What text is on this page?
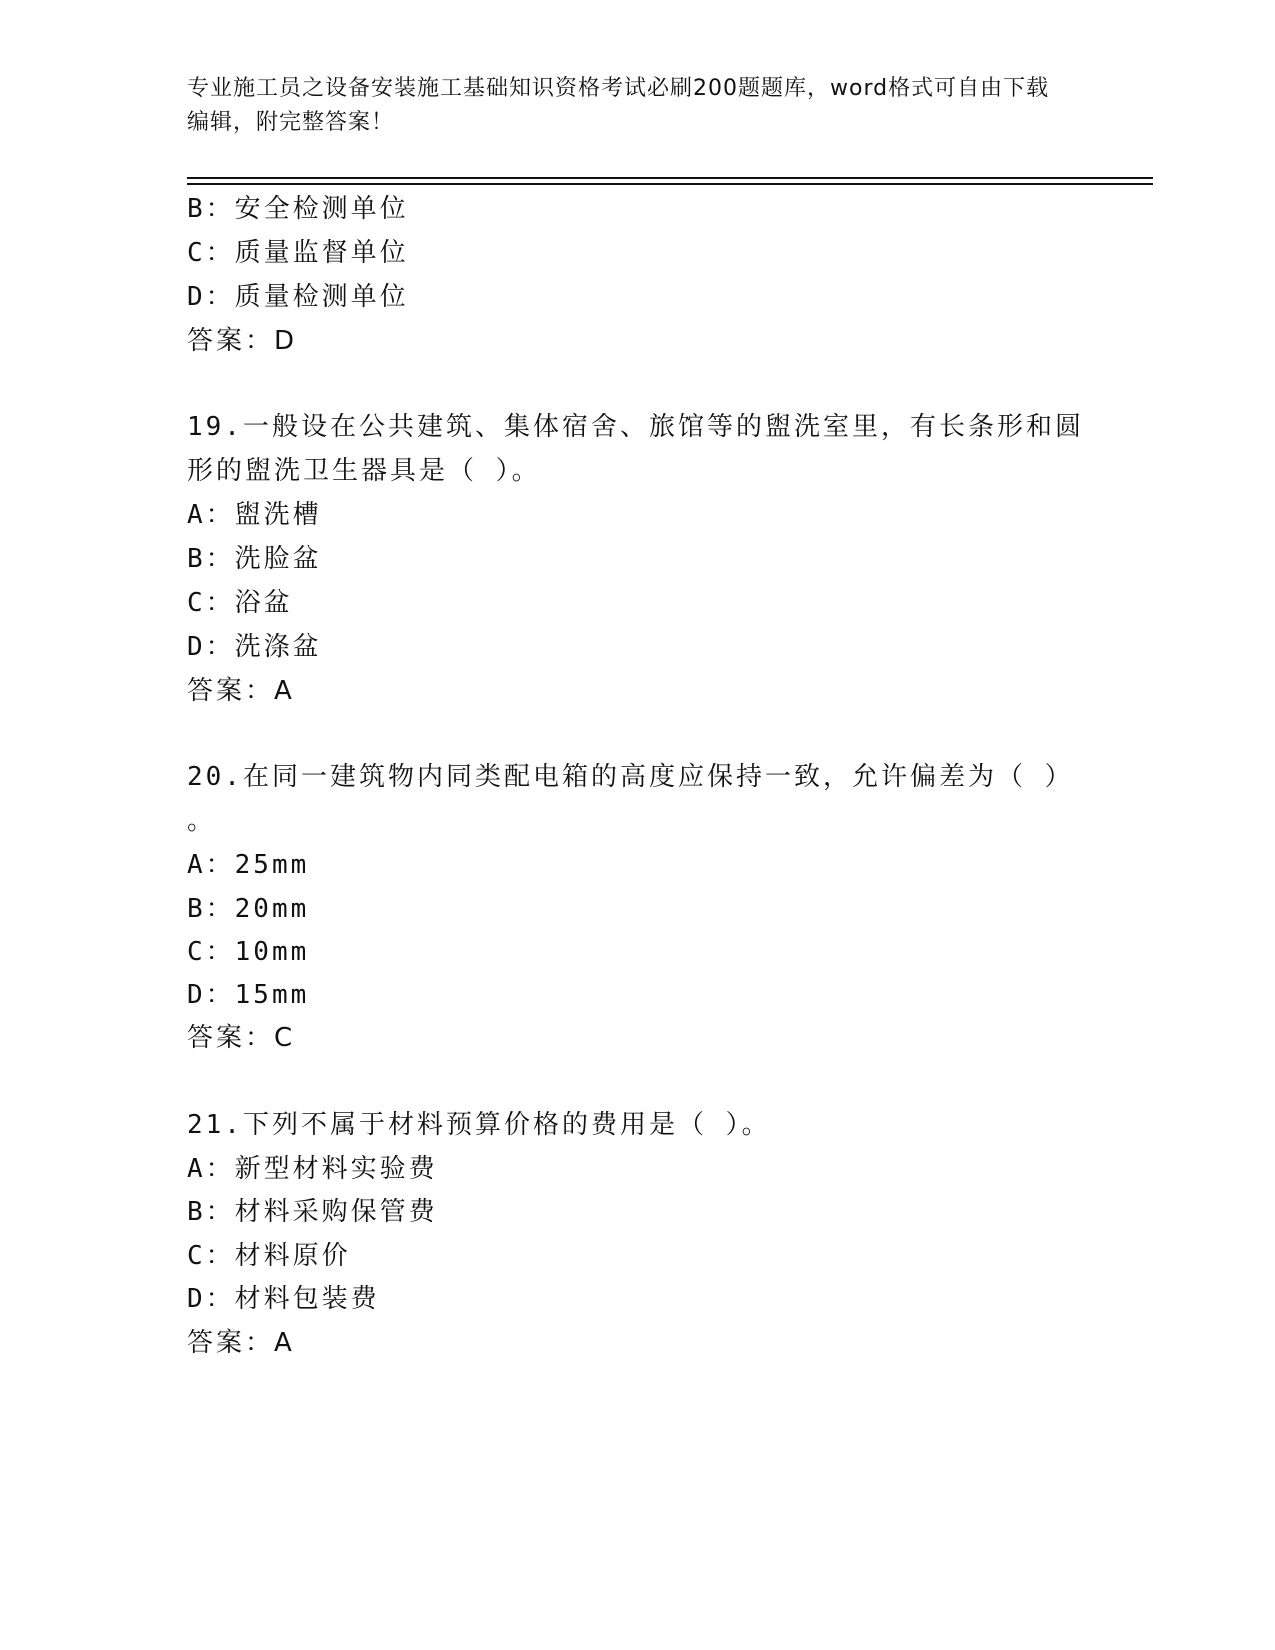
专业施工员之设备安装施工基础知识资格考试必刷200题题库，word格式可自由下载编辑，附完整答案！
B：安全检测单位
C：质量监督单位
D：质量检测单位
答案：D
19.一般设在公共建筑、集体宿舍、旅馆等的盥洗室里，有长条形和圆
形的盥洗卫生器具是（ ）。
A：盥洗槽
B：洗脸盆
C：浴盆
D：洗涤盆
答案：A
20.在同一建筑物内同类配电箱的高度应保持一致，允许偏差为（ ）
。
A：25mm
B：20mm
C：10mm
D：15mm
答案：C
21.下列不属于材料预算价格的费用是（ ）。
A：新型材料实验费
B：材料采购保管费
C：材料原价
D：材料包装费
答案：A
